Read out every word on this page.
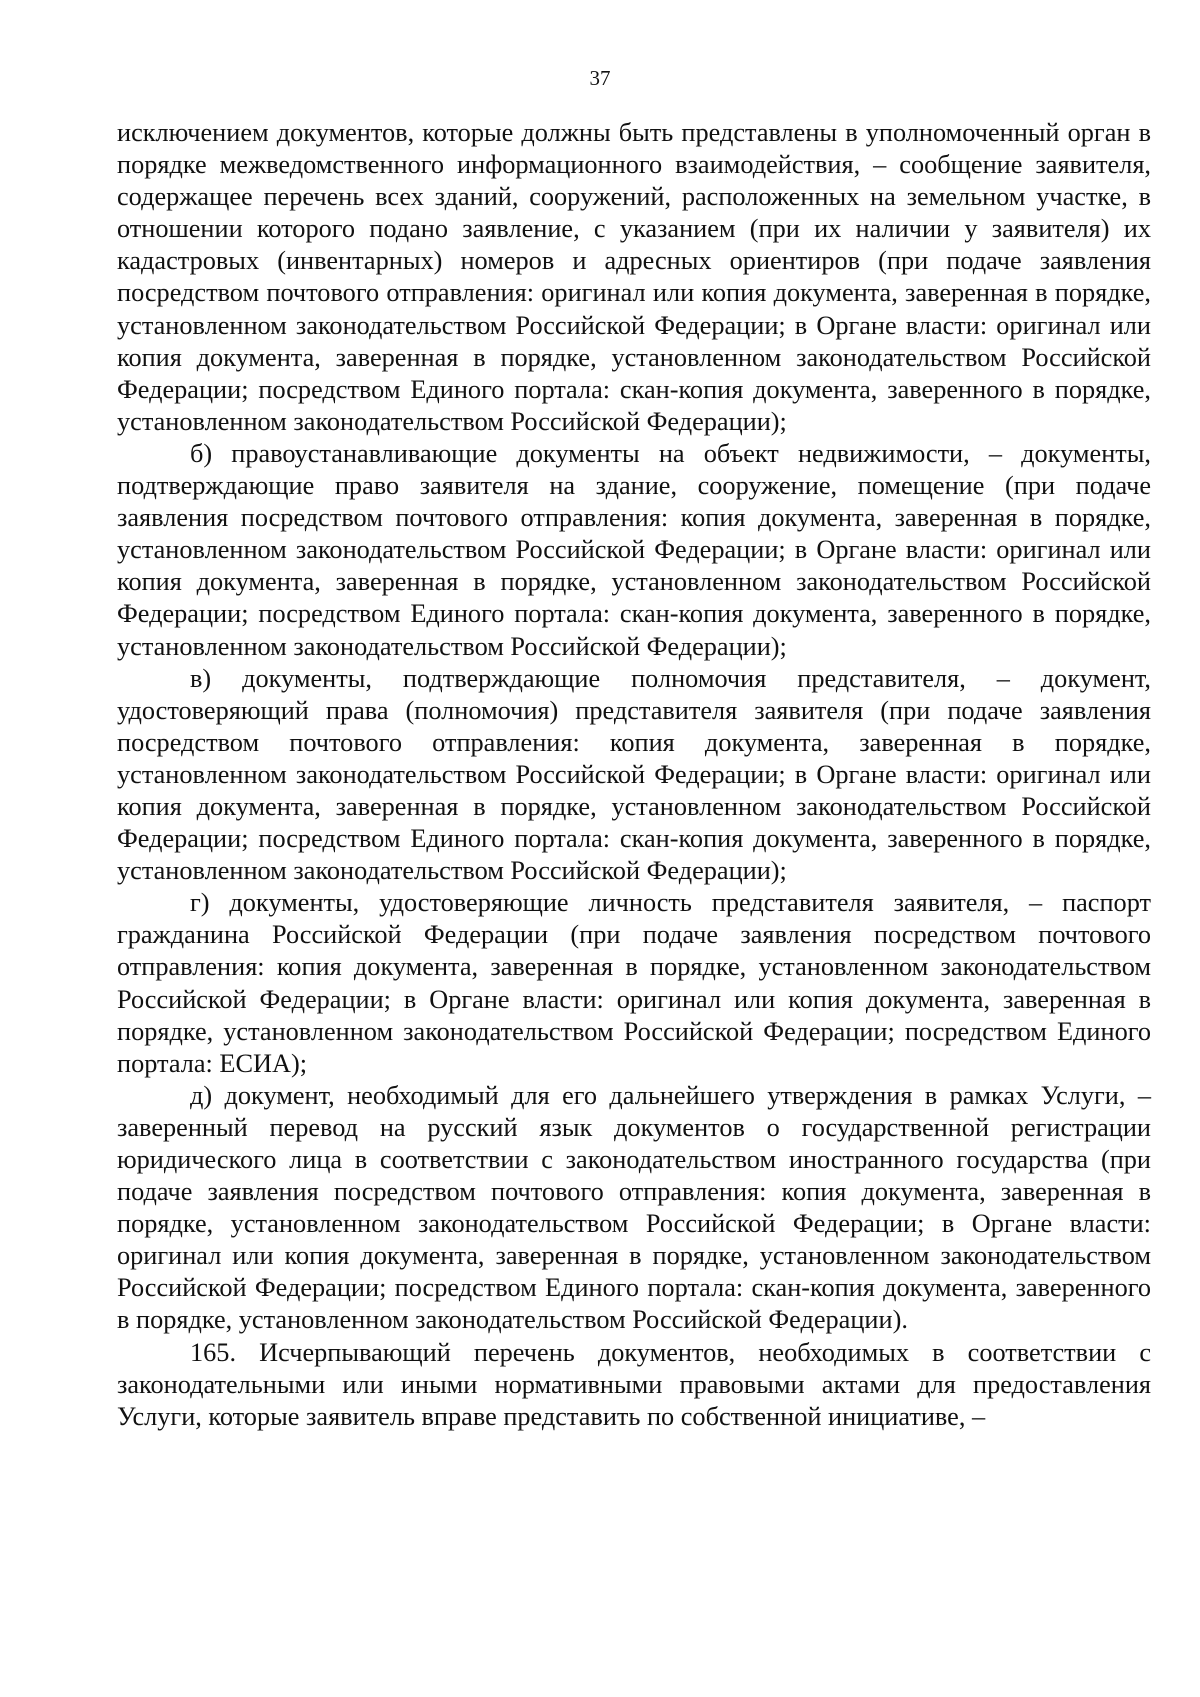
37

исключением документов, которые должны быть представлены в уполномоченный орган в порядке межведомственного информационного взаимодействия, – сообщение заявителя, содержащее перечень всех зданий, сооружений, расположенных на земельном участке, в отношении которого подано заявление, с указанием (при их наличии у заявителя) их кадастровых (инвентарных) номеров и адресных ориентиров (при подаче заявления посредством почтового отправления: оригинал или копия документа, заверенная в порядке, установленном законодательством Российской Федерации; в Органе власти: оригинал или копия документа, заверенная в порядке, установленном законодательством Российской Федерации; посредством Единого портала: скан-копия документа, заверенного в порядке, установленном законодательством Российской Федерации);

б) правоустанавливающие документы на объект недвижимости, – документы, подтверждающие право заявителя на здание, сооружение, помещение (при подаче заявления посредством почтового отправления: копия документа, заверенная в порядке, установленном законодательством Российской Федерации; в Органе власти: оригинал или копия документа, заверенная в порядке, установленном законодательством Российской Федерации; посредством Единого портала: скан-копия документа, заверенного в порядке, установленном законодательством Российской Федерации);

в) документы, подтверждающие полномочия представителя, – документ, удостоверяющий права (полномочия) представителя заявителя (при подаче заявления посредством почтового отправления: копия документа, заверенная в порядке, установленном законодательством Российской Федерации; в Органе власти: оригинал или копия документа, заверенная в порядке, установленном законодательством Российской Федерации; посредством Единого портала: скан-копия документа, заверенного в порядке, установленном законодательством Российской Федерации);

г) документы, удостоверяющие личность представителя заявителя, – паспорт гражданина Российской Федерации (при подаче заявления посредством почтового отправления: копия документа, заверенная в порядке, установленном законодательством Российской Федерации; в Органе власти: оригинал или копия документа, заверенная в порядке, установленном законодательством Российской Федерации; посредством Единого портала: ЕСИА);

д) документ, необходимый для его дальнейшего утверждения в рамках Услуги, – заверенный перевод на русский язык документов о государственной регистрации юридического лица в соответствии с законодательством иностранного государства (при подаче заявления посредством почтового отправления: копия документа, заверенная в порядке, установленном законодательством Российской Федерации; в Органе власти: оригинал или копия документа, заверенная в порядке, установленном законодательством Российской Федерации; посредством Единого портала: скан-копия документа, заверенного в порядке, установленном законодательством Российской Федерации).

165. Исчерпывающий перечень документов, необходимых в соответствии с законодательными или иными нормативными правовыми актами для предоставления Услуги, которые заявитель вправе представить по собственной инициативе, –
